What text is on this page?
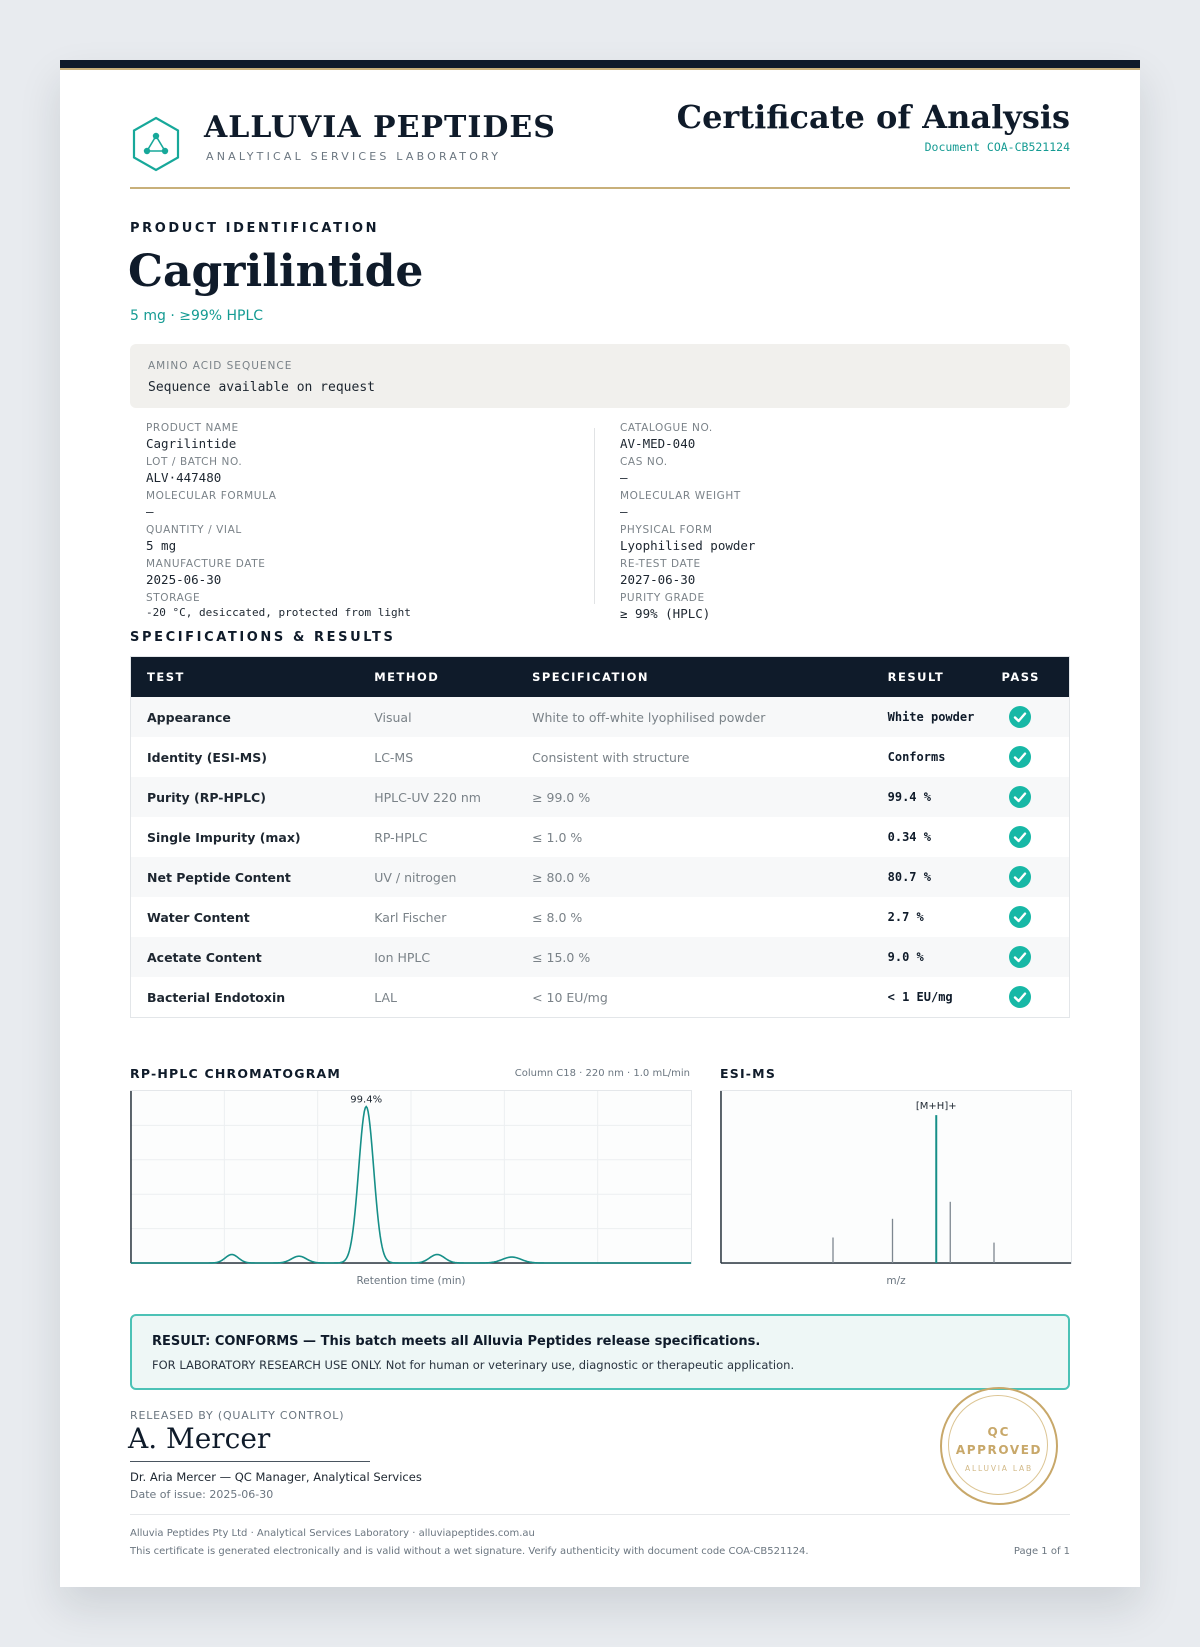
ALLUVIA PEPTIDES
ANALYTICAL SERVICES LABORATORY
Certificate of Analysis
Document COA-CB521124
PRODUCT IDENTIFICATION
Cagrilintide
5 mg · ≥99% HPLC
AMINO ACID SEQUENCE
Sequence available on request
PRODUCT NAME
Cagrilintide
LOT / BATCH NO.
ALV·447480
MOLECULAR FORMULA
—
QUANTITY / VIAL
5 mg
MANUFACTURE DATE
2025-06-30
STORAGE
-20 °C, desiccated, protected from light
CATALOGUE NO.
AV-MED-040
CAS NO.
—
MOLECULAR WEIGHT
—
PHYSICAL FORM
Lyophilised powder
RE-TEST DATE
2027-06-30
PURITY GRADE
≥ 99% (HPLC)
SPECIFICATIONS & RESULTS
TEST	METHOD	SPECIFICATION	RESULT	PASS
Appearance	Visual	White to off-white lyophilised powder	White powder	

Identity (ESI-MS)	LC-MS	Consistent with structure	Conforms	

Purity (RP-HPLC)	HPLC-UV 220 nm	≥ 99.0 %	99.4 %	

Single Impurity (max)	RP-HPLC	≤ 1.0 %	0.34 %	

Net Peptide Content	UV / nitrogen	≥ 80.0 %	80.7 %	

Water Content	Karl Fischer	≤ 8.0 %	2.7 %	

Acetate Content	Ion HPLC	≤ 15.0 %	9.0 %	

Bacterial Endotoxin	LAL	< 10 EU/mg	< 1 EU/mg	
RP-HPLC CHROMATOGRAM	Column C18 · 220 nm · 1.0 mL/min ESI-MS
99.4%
[M+H]+
Retention time (min)	m/z
RESULT: CONFORMS — This batch meets all Alluvia Peptides release specifications.
FOR LABORATORY RESEARCH USE ONLY. Not for human or veterinary use, diagnostic or therapeutic application.
RELEASED BY (QUALITY CONTROL)
A. Mercer
Dr. Aria Mercer — QC Manager, Analytical Services
Date of issue: 2025-06-30
QC
APPROVED
ALLUVIA LAB
Alluvia Peptides Pty Ltd · Analytical Services Laboratory · alluviapeptides.com.au
This certificate is generated electronically and is valid without a wet signature. Verify authenticity with document code COA-CB521124.	Page 1 of 1
